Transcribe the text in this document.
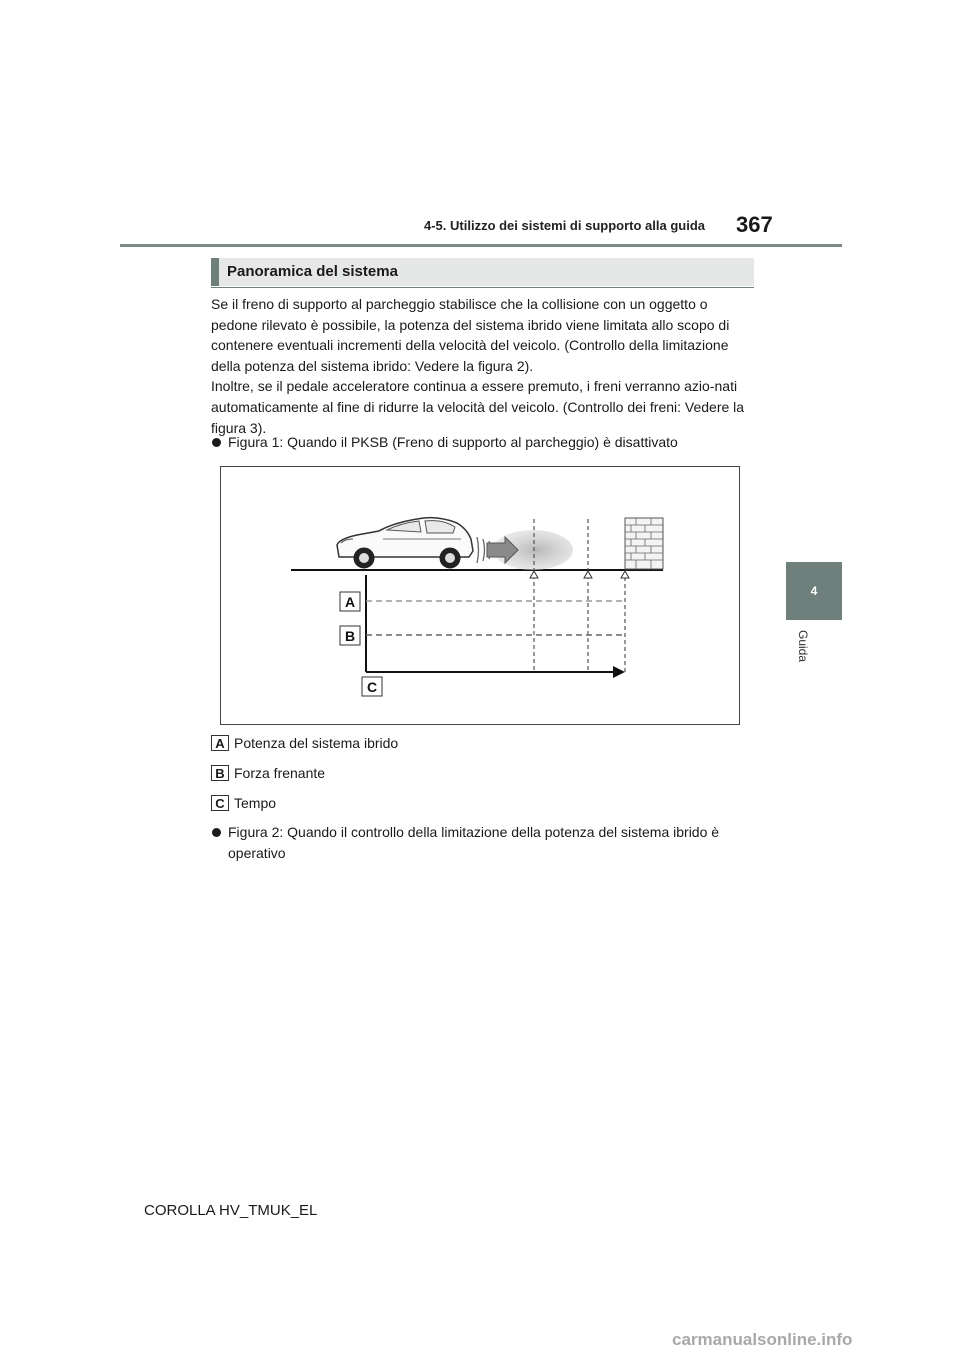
4-5. Utilizzo dei sistemi di supporto alla guida 367
4
Guida
Panoramica del sistema

Se il freno di supporto al parcheggio stabilisce che la collisione con un oggetto o pedone rilevato è possibile, la potenza del sistema ibrido viene limitata allo scopo di contenere eventuali incrementi della velocità del veicolo. (Controllo della limitazione della potenza del sistema ibrido: Vedere la figura 2).

Inoltre, se il pedale acceleratore continua a essere premuto, i freni verranno azio-nati automaticamente al fine di ridurre la velocità del veicolo. (Controllo dei freni: Vedere la figura 3).

Figura 1: Quando il PKSB (Freno di supporto al parcheggio) è disattivato
A
B
C
A Potenza del sistema ibrido
B Forza frenante
C Tempo
Figura 2: Quando il controllo della limitazione della potenza del sistema ibrido è operativo
COROLLA HV_TMUK_EL
carmanualsonline.info
